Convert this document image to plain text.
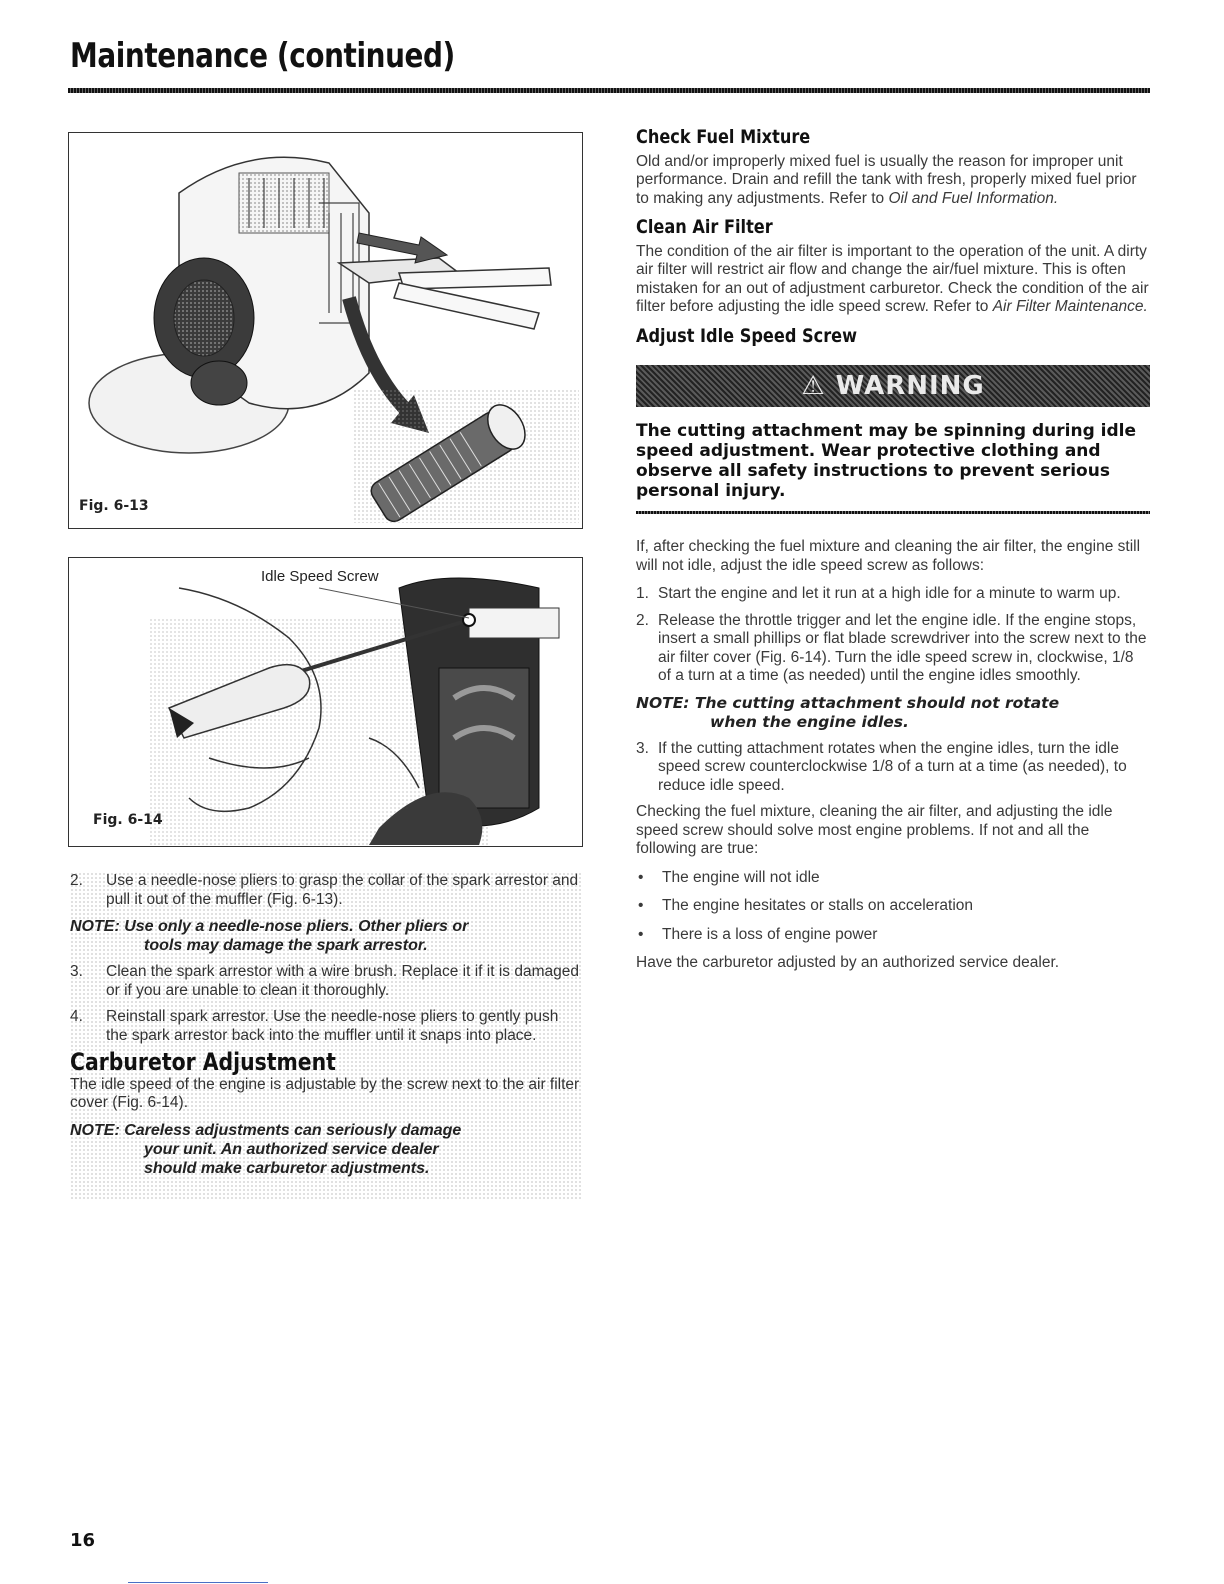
Maintenance (continued)
Fig. 6-13
Idle Speed Screw
Fig. 6-14
2.	Use a needle-nose pliers to grasp the collar of the spark arrestor and pull it out of the muffler (Fig. 6-13).
NOTE: Use only a needle-nose pliers. Other pliers or
tools may damage the spark arrestor.
3.	Clean the spark arrestor with a wire brush. Replace it if it is damaged or if you are unable to clean it thoroughly.
4.	Reinstall spark arrestor. Use the needle-nose pliers to gently push the spark arrestor back into the muffler until it snaps into place.
Carburetor Adjustment

The idle speed of the engine is adjustable by the screw next to the air filter cover (Fig. 6-14).

NOTE: Careless adjustments can seriously damage
your unit. An authorized service dealer
should make carburetor adjustments.
Check Fuel Mixture

Old and/or improperly mixed fuel is usually the reason for improper unit performance. Drain and refill the tank with fresh, properly mixed fuel prior to making any adjustments. Refer to Oil and Fuel Information.

Clean Air Filter

The condition of the air filter is important to the operation of the unit. A dirty air filter will restrict air flow and change the air/fuel mixture. This is often mistaken for an out of adjustment carburetor. Check the condition of the air filter before adjusting the idle speed screw. Refer to Air Filter Maintenance.

Adjust Idle Speed Screw
⚠ WARNING

The cutting attachment may be spinning during idle speed adjustment. Wear protective clothing and observe all safety instructions to prevent serious personal injury.

If, after checking the fuel mixture and cleaning the air filter, the engine still will not idle, adjust the idle speed screw as follows:

1. Start the engine and let it run at a high idle for a minute to warm up.
2. Release the throttle trigger and let the engine idle. If the engine stops, insert a small phillips or flat blade screwdriver into the screw next to the air filter cover (Fig. 6-14). Turn the idle speed screw in, clockwise, 1/8 of a turn at a time (as needed) until the engine idles smoothly.
NOTE: The cutting attachment should not rotate
when the engine idles.
3. If the cutting attachment rotates when the engine idles, turn the idle speed screw counterclockwise 1/8 of a turn at a time (as needed), to reduce idle speed.

Checking the fuel mixture, cleaning the air filter, and adjusting the idle speed screw should solve most engine problems. If not and all the following are true:

•	The engine will not idle
•	The engine hesitates or stalls on acceleration
•	There is a loss of engine power

Have the carburetor adjusted by an authorized service dealer.

16
